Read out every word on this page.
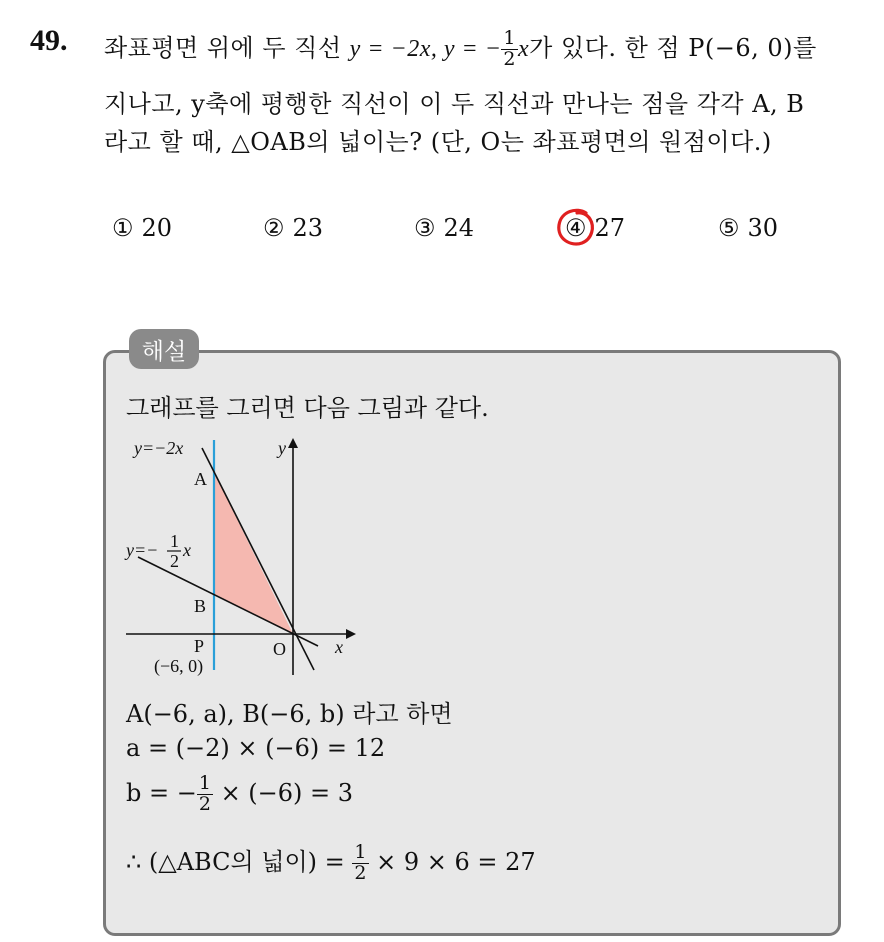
49. 좌표평면 위에 두 직선 y = −2x, y = − $\frac{1}{2}$ x가 있다. 한 점 P(−6, 0)를
지나고, y축에 평행한 직선이 이 두 직선과 만나는 점을 각각 A, B
라고 할 때, △OAB의 넓이는? (단, O는 좌표평면의 원점이다.)
① 20	② 23	③ 24	④ 27	⑤ 30
해설
그래프를 그리면 다음 그림과 같다.
y=−2x
y=− 1
2
x
y
x
A
B
P
(−6, 0)
O
A(−6, a), B(−6, b) 라고 하면
a = (−2) × (−6) = 12
b = − $\frac{1}{2} \times (-6) = 3$
∴ (△ABC의 넓이) = $\frac{1}{2} \times 9 \times 6 = 27$
